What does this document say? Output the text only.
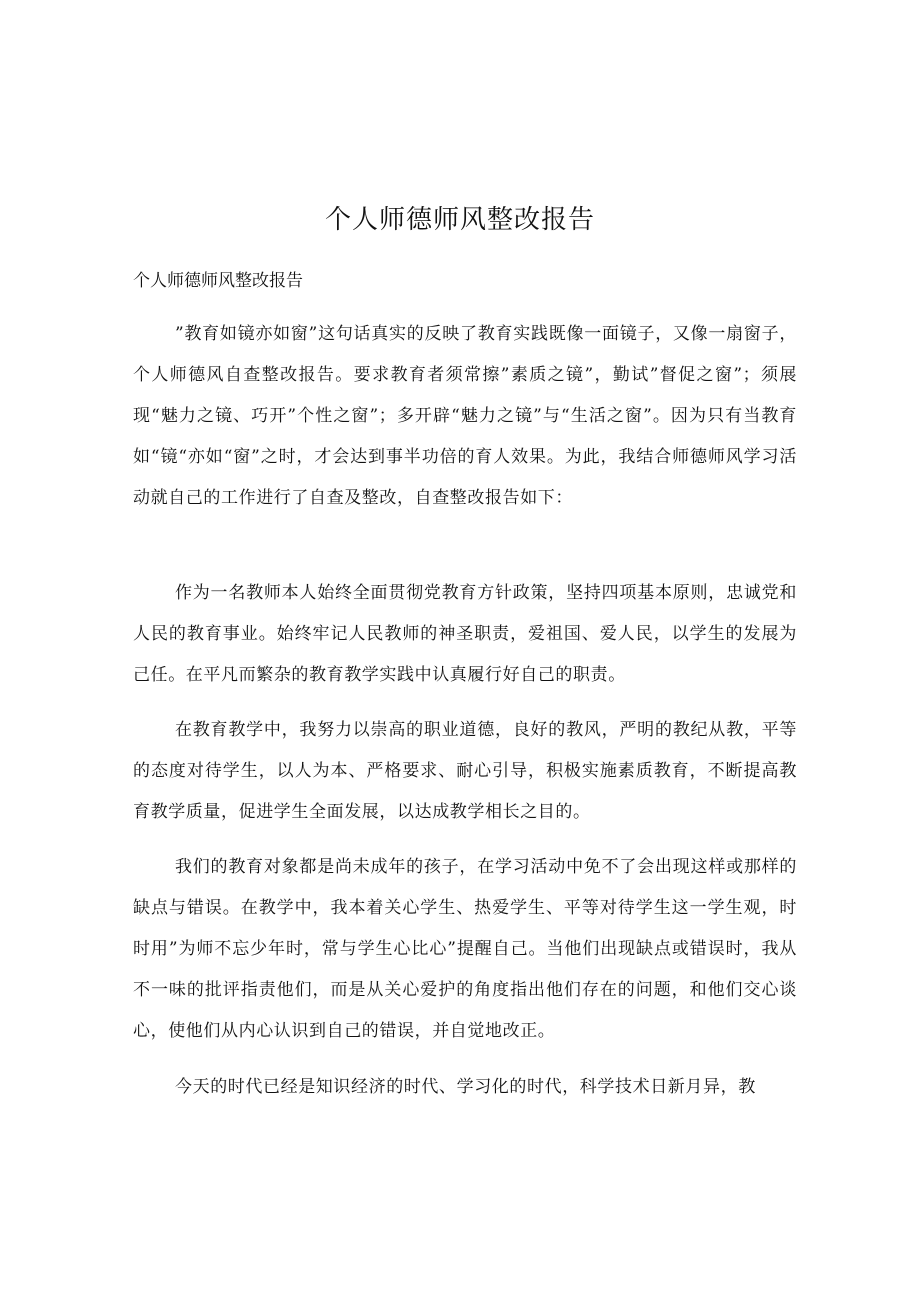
个人师德师风整改报告

个人师德师风整改报告

”教育如镜亦如窗”这句话真实的反映了教育实践既像一面镜子，又像一扇窗子，个人师德风自查整改报告。要求教育者须常擦”素质之镜”，勤试”督促之窗”；须展现“魅力之镜、巧开”个性之窗”；多开辟“魅力之镜”与“生活之窗”。因为只有当教育如“镜“亦如“窗”之时，才会达到事半功倍的育人效果。为此，我结合师德师风学习活动就自己的工作进行了自查及整改，自查整改报告如下：

作为一名教师本人始终全面贯彻党教育方针政策，坚持四项基本原则，忠诚党和人民的教育事业。始终牢记人民教师的神圣职责，爱祖国、爱人民，以学生的发展为己任。在平凡而繁杂的教育教学实践中认真履行好自己的职责。

在教育教学中，我努力以崇高的职业道德，良好的教风，严明的教纪从教，平等的态度对待学生，以人为本、严格要求、耐心引导，积极实施素质教育，不断提高教育教学质量，促进学生全面发展，以达成教学相长之目的。

我们的教育对象都是尚未成年的孩子，在学习活动中免不了会出现这样或那样的缺点与错误。在教学中，我本着关心学生、热爱学生、平等对待学生这一学生观，时时用”为师不忘少年时，常与学生心比心”提醒自己。当他们出现缺点或错误时，我从不一味的批评指责他们，而是从关心爱护的角度指出他们存在的问题，和他们交心谈心，使他们从内心认识到自己的错误，并自觉地改正。

今天的时代已经是知识经济的时代、学习化的时代，科学技术日新月异，教
